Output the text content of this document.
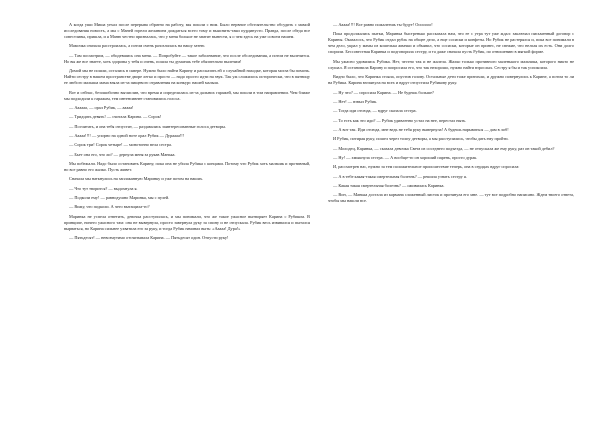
А когда уши Миша уехал после перерыва обратно на работу, мы пошли с ним. Было нервное обстоятельство обсудить с мамой исследования новость, а мы с Маней горели желанием дождаться всего тому и выяснить-таки пурдинусто. Правда, после обеда все совестливы, пришла, и я Маню честно призналась, что у меня больше не хватит вынести, я о чем здесь на уже совсем нашем.

Мамочка сначала расстроилась, а потом очень разозлилась на нашу затею.

— Там посмотрим, — обидевшись она меня. — Попробуйте — такое заболевание, что после обследования, а потом не вылечится. Но вы же все знаете, хоть здоровы у тебя и очень, пошла ты думаешь тебе обязательно вылечим!

Домой мы не пошли, остались в сквере. Нужно было найти Карину и рассказать ей о случайной находке, которая могла бы помочь. Найти сестру в нашем пространстве дворе легко и просто — надо просто идти на звук. Так уж сложилось исторически, что в пятницу ее любого малыша мама взяла из-за пищевого отравления на конкурс нашей малыш.

Вот и сейчас, безошибочно вычислив, что время и определилась из-за дальних гаражей, мы пошли в том направлении. Чем ближе мы подходили к гаражам, тем интенсивнее становились голоса.

— Аааааа, — орал Рубик, — ааааа!

— Тридцать девять! — считала Карина. — Сорок!

— Посчитать, и она тебя отпустит, — раздавались заинтересованные голоса детворы.

— Ааааа!!!! — упорно на одной ноте орал Рубик — Дураааа!!!

— Сорок три! Сорок четыре! — монотонно вела сестра.

— Бьет она его, что ли? — дернула меня за рукав Манька.

Мы побежали. Надо было остановить Карину, пока она не убила Рубика с концами. Потому что Рубик хоть мальчик и противный, но все равно его жалко. Пусть живет.

Сначала мы наткнулись на заплаканную Маринку и уже потом на наших.

— Что тут творится? — выдохнула я.

— Подколи ему! — равнодушно Маринка, мы с пулей.

— Вижу, что подколи. А чего вытащила-то?

Маринка не успела ответить, девочка расступилась, и мы понимали, что же такое ужасное вытворяет Карина с Рубиком. В принципе, ничего ужасного там: она не вывернула, просто завернула руку за спину и не отпускала. Рубик весь извивался и пытался вырваться, но Карина сильнее ухватила его за руку, и тогда Рубик начинал выть: «Ааааа! Дура!»

— Пятьдесят! — невозмутимо отсчитывала Карина. — Пятьдесят один. Отпусти руку!

— Ааааа!!!! Все равно пожалеешь ты будут! Ооооооо!

Пока продолжались пытки, Маринка быстренько рассказала нам, что ее с утра тут уже ждал: заключал письменный договор с Карины. Оказалось, что Рубик отдал рубль на общее дело, а еще сосиски и конфеты. Но Рубик не растерялся и, пока все понимали в чем дело, украл у мамы из кошелька жвачки и объявил, что сосиски, которые он принес, не свежие, что нельзя их есть. Они долго спорили. Бессовестная Каринка и подговорила сестру, и та даже сначала пусть Рубик, по отношению в мягкой форме.

Мы ужасно удивились Рубика. Нет, честно так и не жалела. Жалко только противного маленького мальчика, которого никто не слушал. Я остановила Карину и попросила его, что так нехорошо, нужно найти взрослых. Сестру я бы и так успокоила.

Видно было, что Каринка стояла, опустив голову. Остальные дети тоже притихли, и дружно повернулись к Карине, а потом то ли на Рубика. Карина взглянула на всех и вдруг отпустила Рубикову руку.

— Ну что? — спросила Карина. — Не будешь больше?

— Нет! — взвыл Рубик.

— Тогда иди отсюда, — вдруг сказала сестра.

— То есть как это иди? — Рубик удивленно устал на нее, перестал ныть.

— А вот так. Иди отсюда, мне ведь не тебя руку вывернула! А будешь нарываться — дам в лоб!

И Рубик, потирая руку, пошел через толпу детворы, а мы расступились, чтобы дать ему пройти.

— Молодец, Каринка, — сказала девочка Света из соседнего подъезда, — не отпускала же ему руку, раз он такой дебил?

— Ну! — хмыкнула сестра. — А вообще-то он хороший парень, просто дурак.

И, рассмотрев нас, нужно за тем положительное происшествие теперь, она в сердцах вдруг спросила:

— А в тебе какая-такая смертельная болезнь? — решила узнать сестру я.

— Какая такая смертельная болезнь? — оживилась Каринка.

— Вон, — Манька достала из кармана сложенный листок и протянула его мне. — тут все подробно написано. Ждем твоего ответа, чтобы мы нашли все.
